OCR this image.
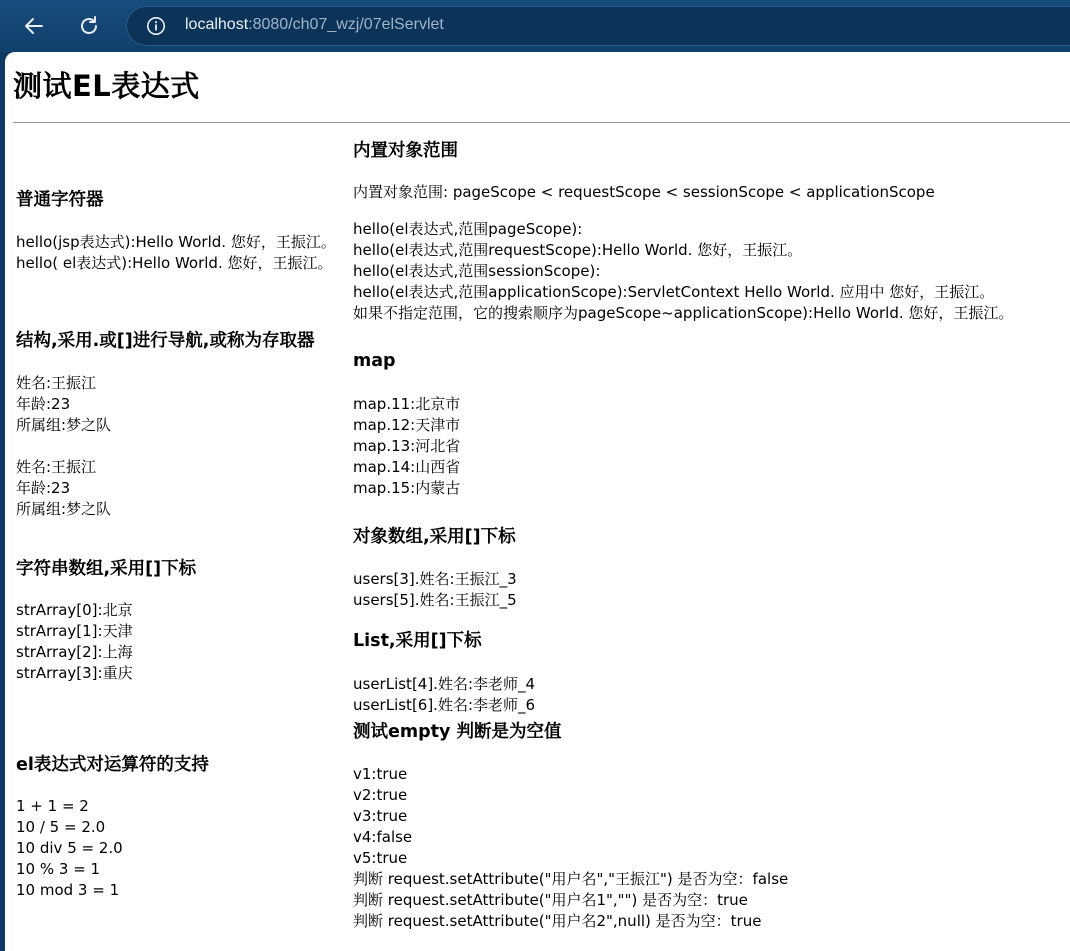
localhost:8080/ch07_wzj/07elServlet
测试EL表达式
普通字符器

hello(jsp表达式):Hello World. 您好，王振江。

hello( el表达式):Hello World. 您好，王振江。

结构,采用.或[]进行导航,或称为存取器

姓名:王振江

年龄:23

所属组:梦之队

姓名:王振江

年龄:23

所属组:梦之队

字符串数组,采用[]下标

strArray[0]:北京

strArray[1]:天津

strArray[2]:上海

strArray[3]:重庆

el表达式对运算符的支持

1 + 1 = 2

10 / 5 = 2.0

10 div 5 = 2.0

10 % 3 = 1

10 mod 3 = 1

内置对象范围

内置对象范围: pageScope < requestScope < sessionScope < applicationScope

hello(el表达式,范围pageScope):

hello(el表达式,范围requestScope):Hello World. 您好，王振江。

hello(el表达式,范围sessionScope):

hello(el表达式,范围applicationScope):ServletContext Hello World. 应用中 您好，王振江。

如果不指定范围，它的搜索顺序为pageScope~applicationScope):Hello World. 您好，王振江。

map

map.11:北京市

map.12:天津市

map.13:河北省

map.14:山西省

map.15:内蒙古

对象数组,采用[]下标

users[3].姓名:王振江_3

users[5].姓名:王振江_5

List,采用[]下标

userList[4].姓名:李老师_4

userList[6].姓名:李老师_6

测试empty 判断是为空值

v1:true

v2:true

v3:true

v4:false

v5:true

判断 request.setAttribute("用户名","王振江") 是否为空：false

判断 request.setAttribute("用户名1","") 是否为空：true

判断 request.setAttribute("用户名2",null) 是否为空：true
